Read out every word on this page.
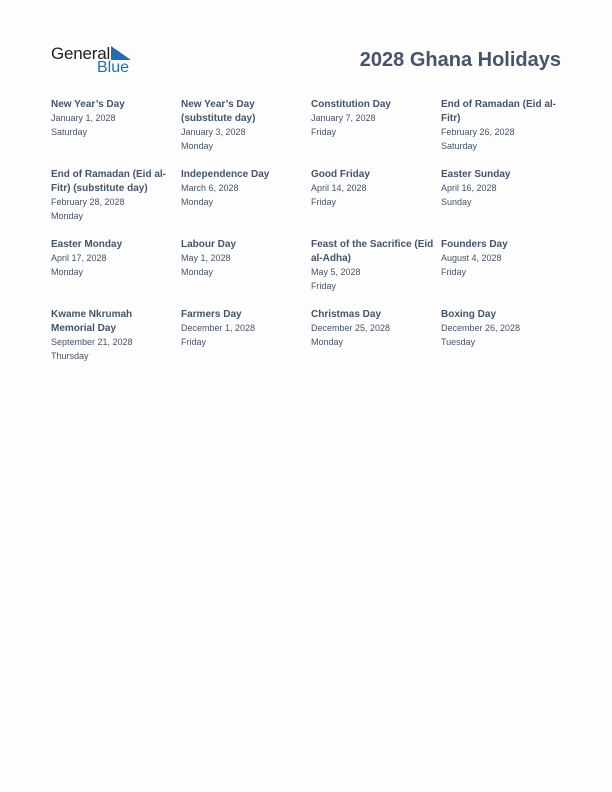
General
Blue	2028 Ghana Holidays
New Year’s Day
January 1, 2028
Saturday
New Year’s Day (substitute day)
January 3, 2028
Monday
Constitution Day
January 7, 2028
Friday
End of Ramadan (Eid al-Fitr)
February 26, 2028
Saturday
End of Ramadan (Eid al-Fitr) (substitute day)
February 28, 2028
Monday
Independence Day
March 6, 2028
Monday
Good Friday
April 14, 2028
Friday
Easter Sunday
April 16, 2028
Sunday
Easter Monday
April 17, 2028
Monday
Labour Day
May 1, 2028
Monday
Feast of the Sacrifice (Eid al-Adha)
May 5, 2028
Friday
Founders Day
August 4, 2028
Friday
Kwame Nkrumah Memorial Day
September 21, 2028
Thursday
Farmers Day
December 1, 2028
Friday
Christmas Day
December 25, 2028
Monday
Boxing Day
December 26, 2028
Tuesday
